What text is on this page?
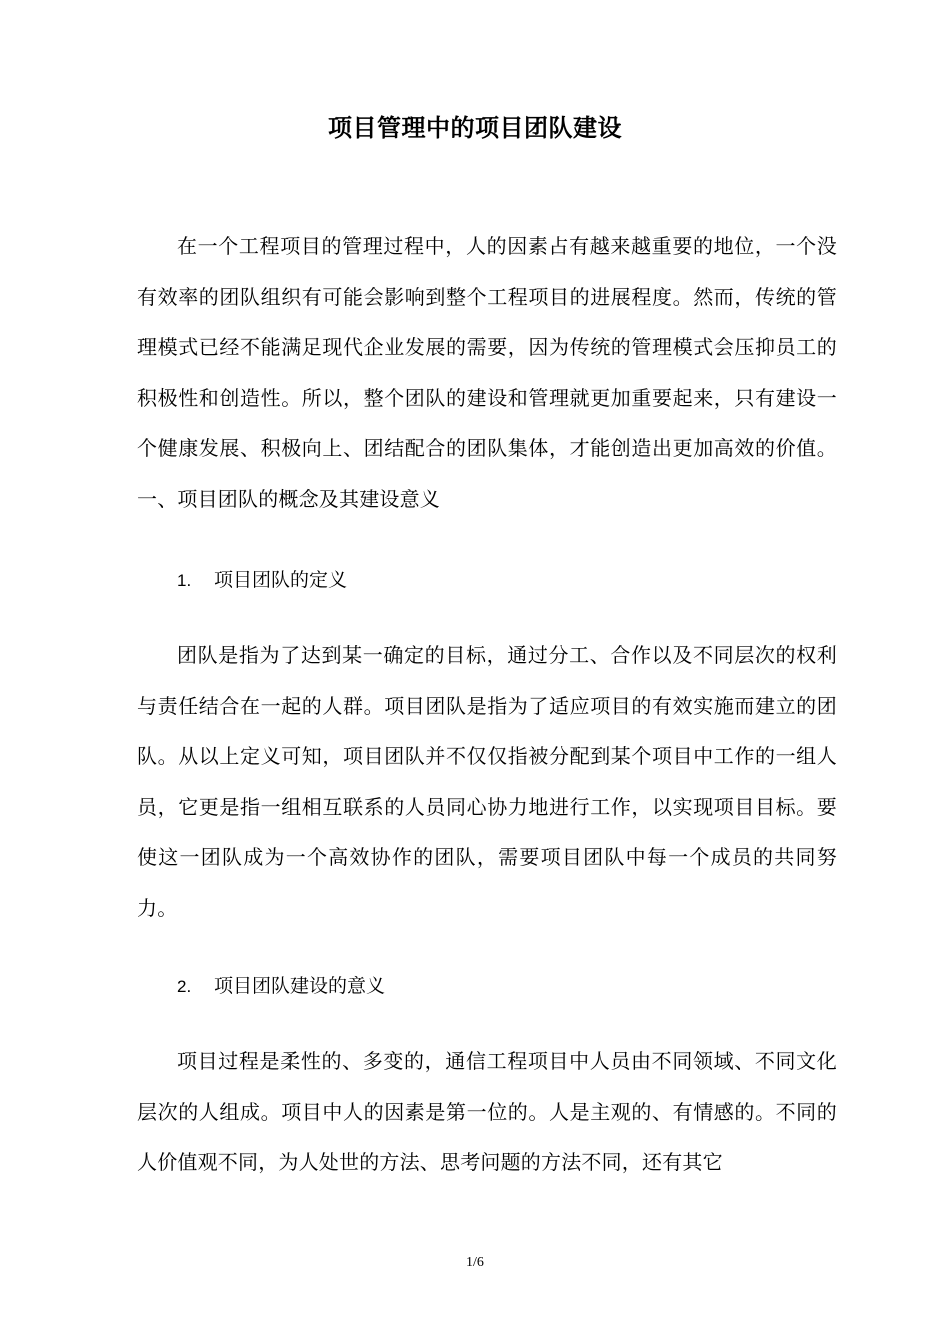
项目管理中的项目团队建设

在一个工程项目的管理过程中，人的因素占有越来越重要的地位，一个没有效率的团队组织有可能会影响到整个工程项目的进展程度。然而，传统的管理模式已经不能满足现代企业发展的需要，因为传统的管理模式会压抑员工的积极性和创造性。所以，整个团队的建设和管理就更加重要起来，只有建设一个健康发展、积极向上、团结配合的团队集体，才能创造出更加高效的价值。一、项目团队的概念及其建设意义

1. 项目团队的定义

团队是指为了达到某一确定的目标，通过分工、合作以及不同层次的权利与责任结合在一起的人群。项目团队是指为了适应项目的有效实施而建立的团队。从以上定义可知，项目团队并不仅仅指被分配到某个项目中工作的一组人员，它更是指一组相互联系的人员同心协力地进行工作，以实现项目目标。要使这一团队成为一个高效协作的团队，需要项目团队中每一个成员的共同努力。

2. 项目团队建设的意义

项目过程是柔性的、多变的，通信工程项目中人员由不同领域、不同文化层次的人组成。项目中人的因素是第一位的。人是主观的、有情感的。不同的人价值观不同，为人处世的方法、思考问题的方法不同，还有其它

1/6
